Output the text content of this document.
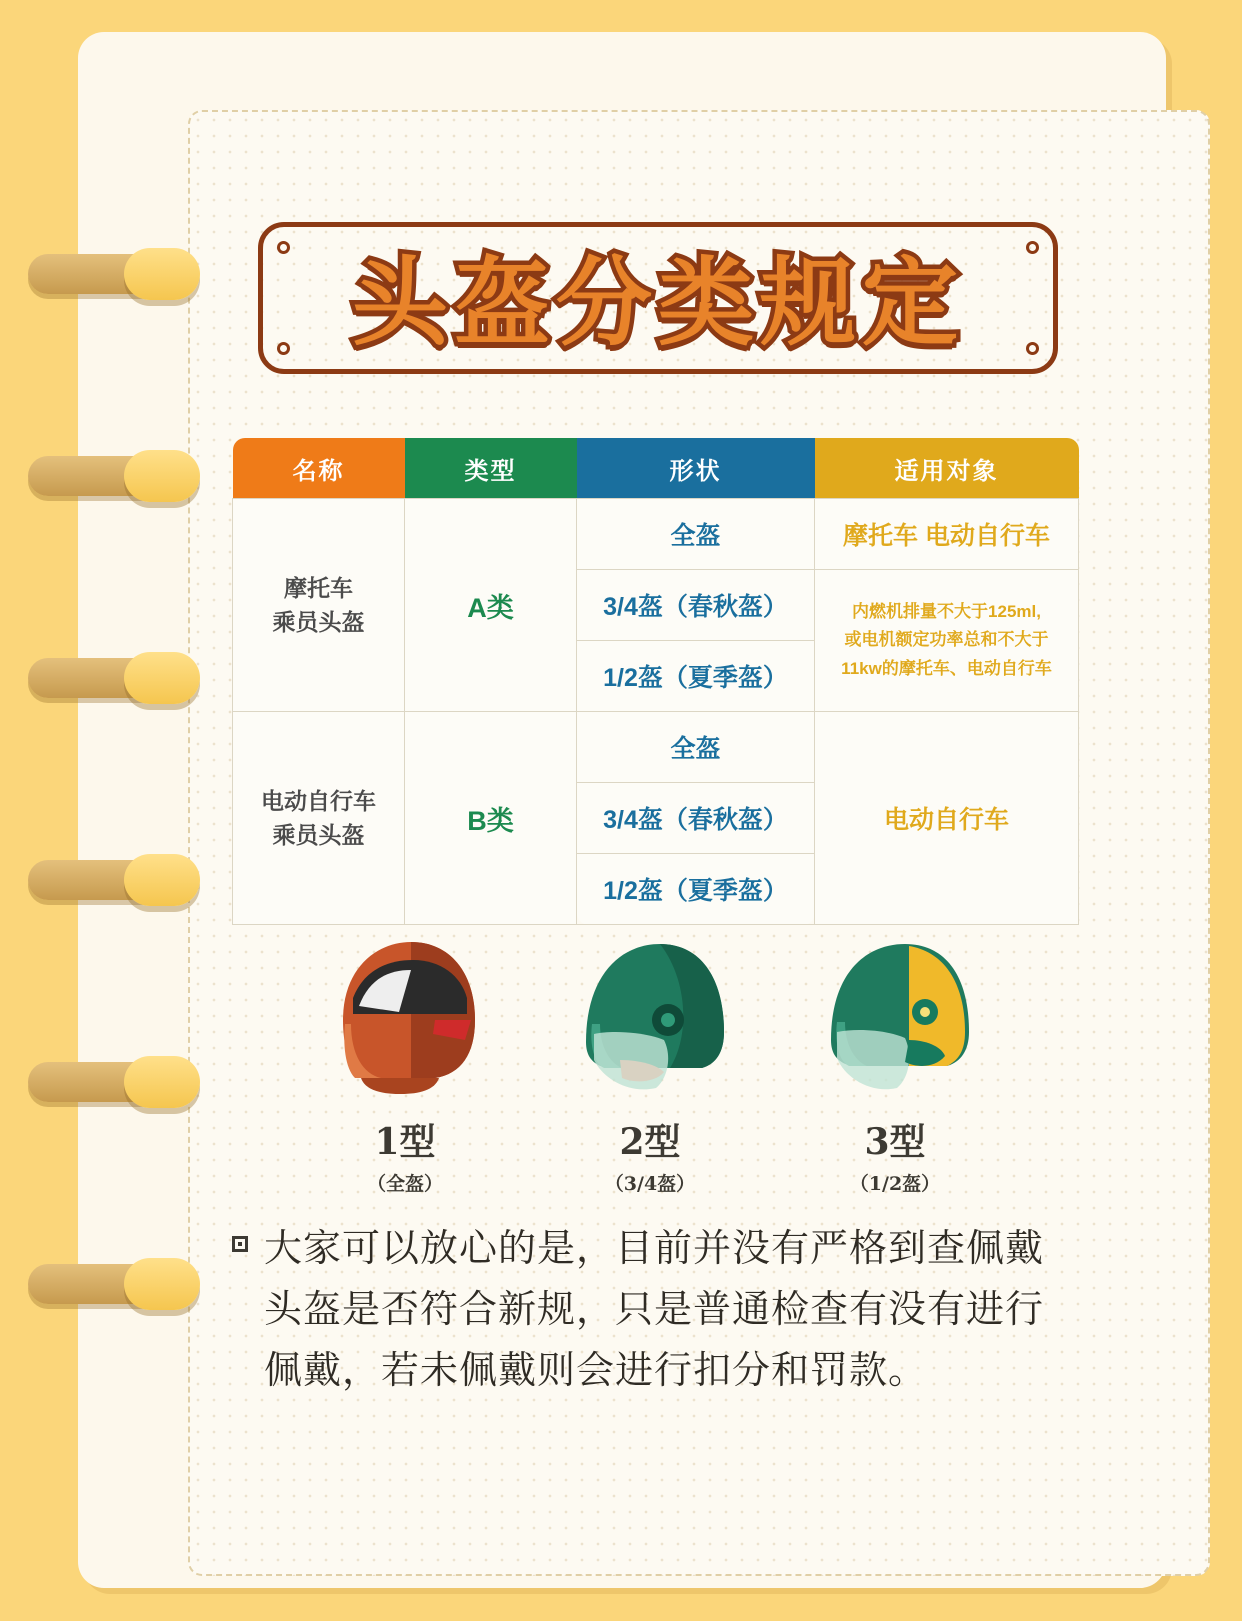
头盔分类规定
名称	类型	形状	适用对象

摩托车
乘员头盔	A类	全盔	摩托车 电动自行车
		3/4盔（春秋盔）	内燃机排量不大于125ml,
或电机额定功率总和不大于
11kw的摩托车、电动自行车

		1/2盔（夏季盔）	

电动自行车
乘员头盔	B类	全盔	电动自行车
		3/4盔（春秋盔）	
		1/2盔（夏季盔）	
1型
（全盔）
2型
（3/4盔）
3型
（1/2盔）
大家可以放心的是，目前并没有严格到查佩戴头盔是否符合新规，只是普通检查有没有进行佩戴，若未佩戴则会进行扣分和罚款。
